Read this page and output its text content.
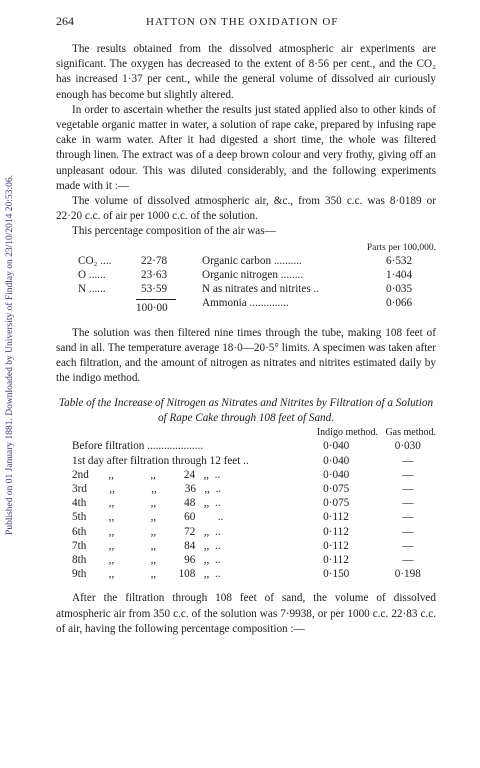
Published on 01 January 1881. Downloaded by University of Findlay on 23/10/2014 20:53:06.
264	HATTON ON THE OXIDATION OF

The results obtained from the dissolved atmospheric air experiments are significant. The oxygen has decreased to the extent of 8·56 per cent., and the CO₂ has increased 1·37 per cent., while the general volume of dissolved air curiously enough has become but slightly altered.

In order to ascertain whether the results just stated applied also to other kinds of vegetable organic matter in water, a solution of rape cake, prepared by infusing rape cake in warm water. After it had digested a short time, the whole was filtered through linen. The extract was of a deep brown colour and very frothy, giving off an unpleasant odour. This was diluted considerably, and the following experiments made with it :—

The volume of dissolved atmospheric air, &c., from 350 c.c. was 8·0189 or 22·20 c.c. of air per 1000 c.c. of the solution.

This percentage composition of the air was—

Parts per 100,000.
CO₂ ....	22·78
O ......	23·63
N ......	53·59
100·00
Organic carbon ..........	6·532
Organic nitrogen ........	1·404
N as nitrates and nitrites ..	0·035
Ammonia ..............	0·066

The solution was then filtered nine times through the tube, making 108 feet of sand in all. The temperature average 18·0—20·5° limits. A specimen was taken after each filtration, and the amount of nitrogen as nitrates and nitrites estimated daily by the indigo method.

Table of the Increase of Nitrogen as Nitrates and Nitrites by Filtration of a Solution of Rape Cake through 108 feet of Sand.

Indigo method. Gas method.
Before filtration ....................	0·040	0·030
1st day after filtration through 12 feet ..	0·040	—
2nd       ,,             ,,          24   ,,  ..	0·040	—
3rd        ,,             ,,          36   ,,  ..	0·075	—
4th        ,,             ,,          48   ,,  ..	0·075	—
5th        ,,             ,,          60        ..	0·112	—
6th        ,,             ,,          72   ,,  ..	0·112	—
7th        ,,             ,,          84   ,,  ..	0·112	—
8th        ,,             ,,          96   ,,  ..	0·112	—
9th        ,,             ,,        108   ,,  ..	0·150	0·198

After the filtration through 108 feet of sand, the volume of dissolved atmospheric air from 350 c.c. of the solution was 7·9938, or per 1000 c.c. 22·83 c.c. of air, having the following percentage composition :—
